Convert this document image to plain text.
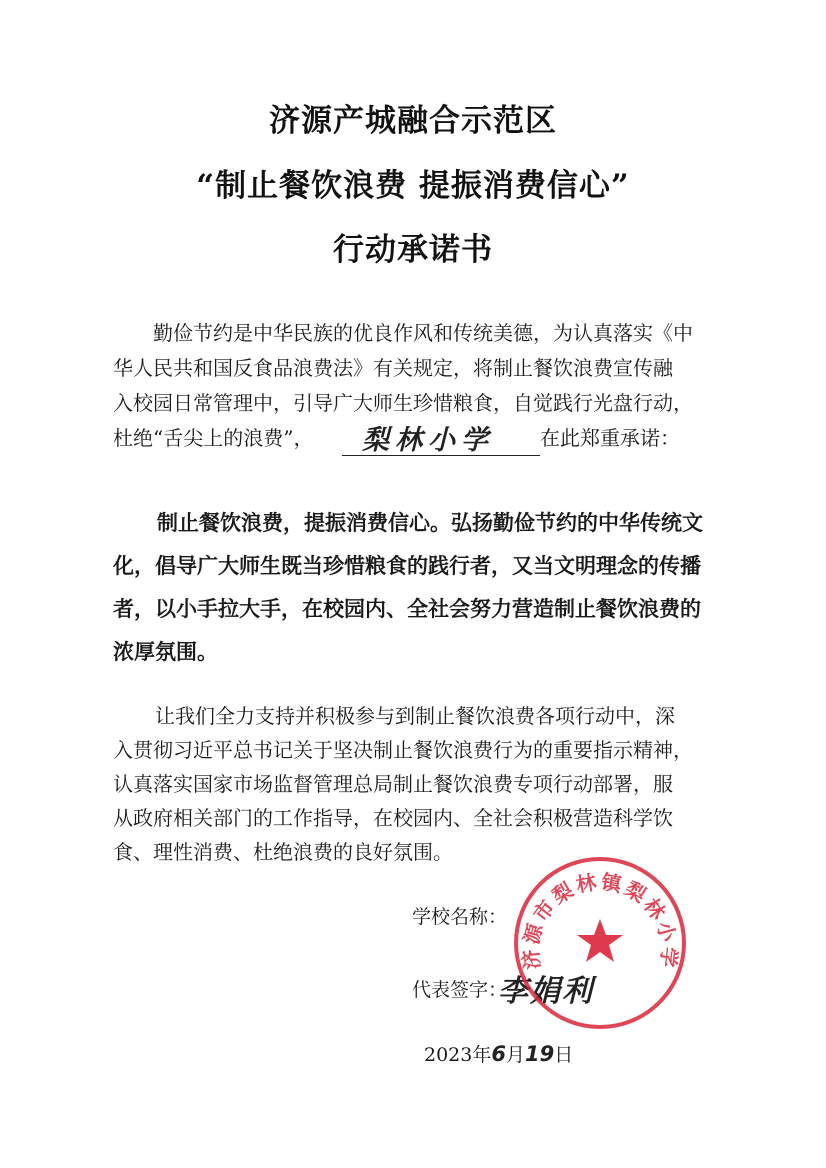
济源产城融合示范区
“制止餐饮浪费 提振消费信心”
行动承诺书
勤俭节约是中华民族的优良作风和传统美德，为认真落实《中
华人民共和国反食品浪费法》有关规定，将制止餐饮浪费宣传融
入校园日常管理中，引导广大师生珍惜粮食，自觉践行光盘行动，
杜绝“舌尖上的浪费”，	在此郑重承诺：
梨林小学
制止餐饮浪费，提振消费信心。弘扬勤俭节约的中华传统文
化，倡导广大师生既当珍惜粮食的践行者，又当文明理念的传播
者，以小手拉大手，在校园内、全社会努力营造制止餐饮浪费的
浓厚氛围。
让我们全力支持并积极参与到制止餐饮浪费各项行动中，深
入贯彻习近平总书记关于坚决制止餐饮浪费行为的重要指示精神，
认真落实国家市场监督管理总局制止餐饮浪费专项行动部署，服
从政府相关部门的工作指导，在校园内、全社会积极营造科学饮
食、理性消费、杜绝浪费的良好氛围。
学校名称：
代表签字：
李娟利
2023年6月19日
济源市梨林镇梨林小学
